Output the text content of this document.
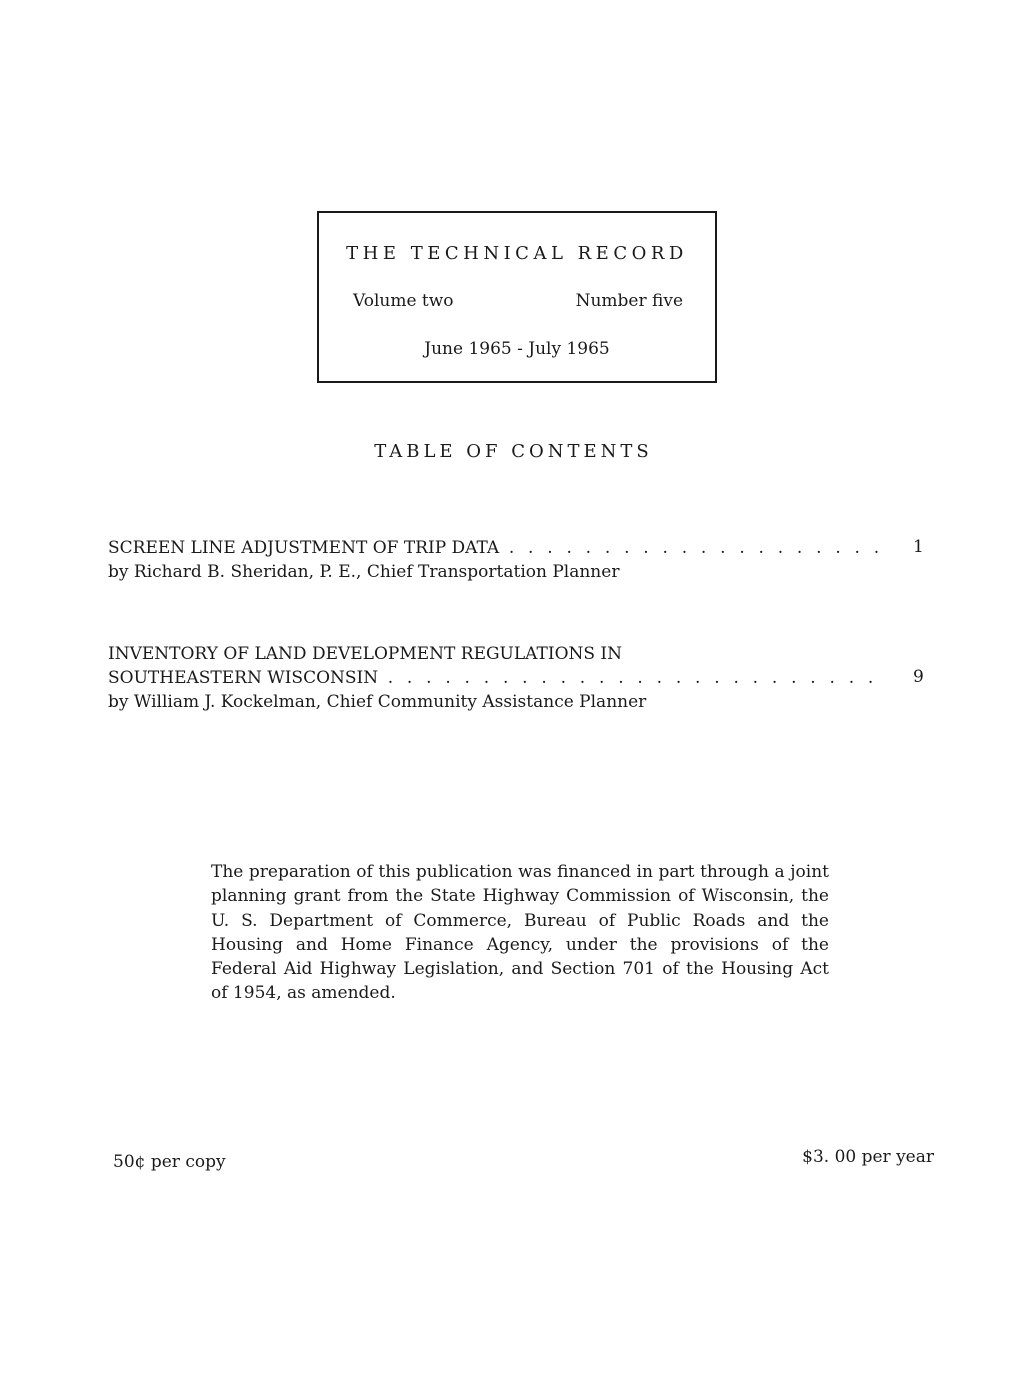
THE TECHNICAL RECORD
Volume two	Number five
June 1965 - July 1965
TABLE OF CONTENTS
SCREEN LINE ADJUSTMENT OF TRIP DATA . . .	1
by Richard B. Sheridan, P. E., Chief Transportation Planner
INVENTORY OF LAND DEVELOPMENT REGULATIONS IN
SOUTHEASTERN WISCONSIN . . .	9
by William J. Kockelman, Chief Community Assistance Planner
The preparation of this publication was financed in part through a joint planning grant from the State Highway Commission of Wisconsin, the U. S. Department of Commerce, Bureau of Public Roads and the Housing and Home Finance Agency, under the provisions of the Federal Aid Highway Legislation, and Section 701 of the Housing Act of 1954, as amended.
50¢ per copy	$3. 00 per year
